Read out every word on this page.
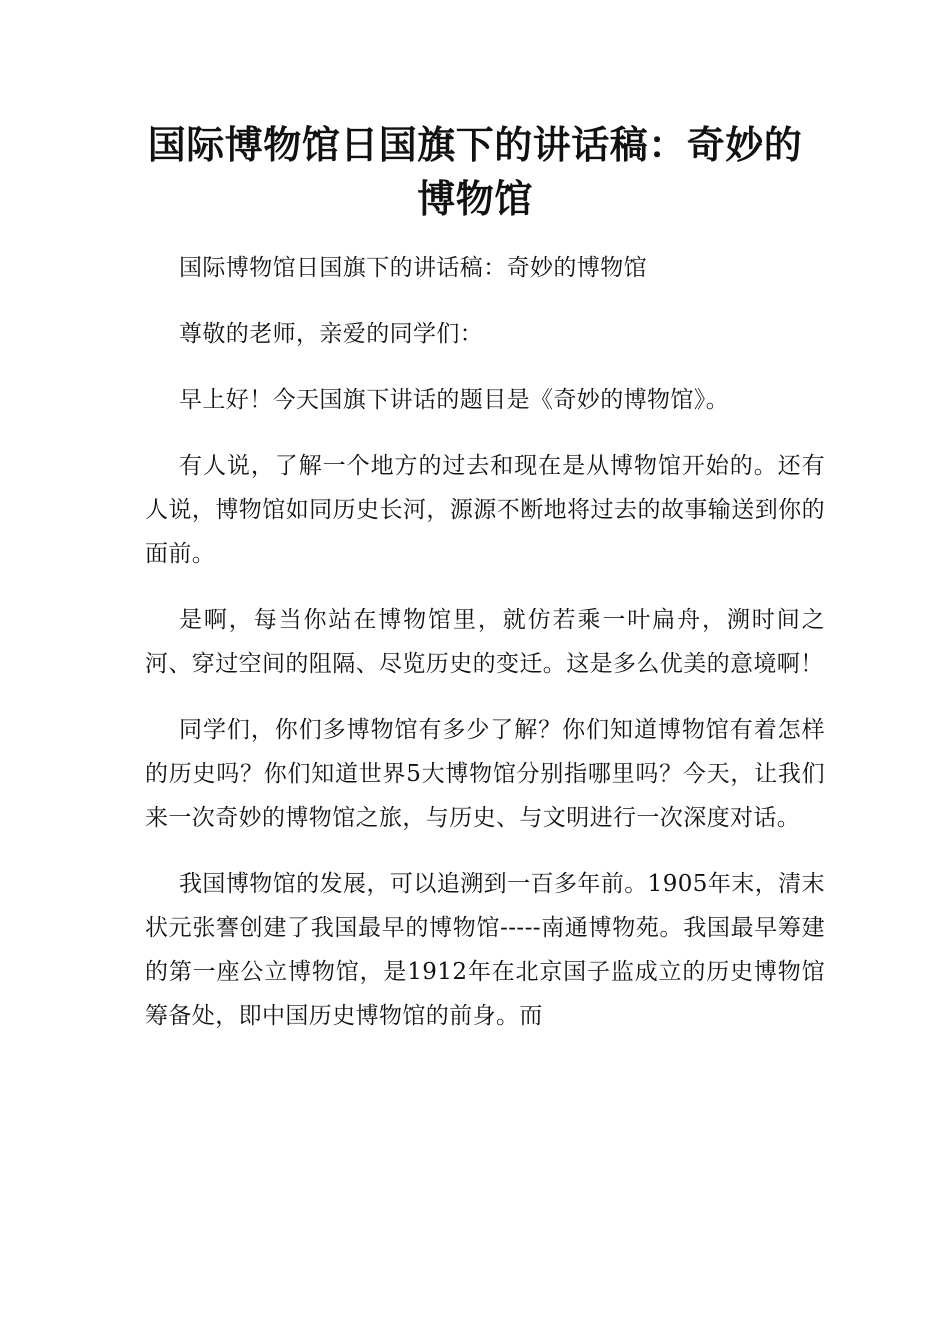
国际博物馆日国旗下的讲话稿：奇妙的博物馆

国际博物馆日国旗下的讲话稿：奇妙的博物馆

尊敬的老师，亲爱的同学们：

早上好！今天国旗下讲话的题目是《奇妙的博物馆》。

有人说，了解一个地方的过去和现在是从博物馆开始的。还有人说，博物馆如同历史长河，源源不断地将过去的故事输送到你的面前。

是啊，每当你站在博物馆里，就仿若乘一叶扁舟，溯时间之河、穿过空间的阻隔、尽览历史的变迁。这是多么优美的意境啊！

同学们，你们多博物馆有多少了解？你们知道博物馆有着怎样的历史吗？你们知道世界5大博物馆分别指哪里吗？今天，让我们来一次奇妙的博物馆之旅，与历史、与文明进行一次深度对话。

我国博物馆的发展，可以追溯到一百多年前。1905年末，清末状元张謇创建了我国最早的博物馆-----南通博物苑。我国最早筹建的第一座公立博物馆，是1912年在北京国子监成立的历史博物馆筹备处，即中国历史博物馆的前身。而
